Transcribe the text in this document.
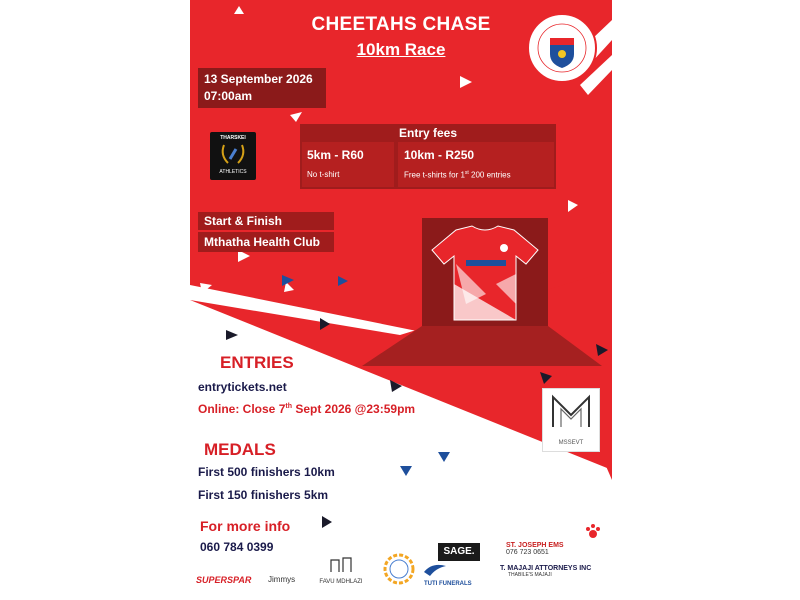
CHEETAHS CHASE
10km Race
13 September 2026
07:00am
THARSKEI
ATHLETICS
Entry fees
5km - R60
No t-shirt
10km - R250
Free t-shirts for 1st 200 entries
Start & Finish
Mthatha Health Club
ENTRIES
entrytickets.net
Online: Close 7th Sept 2026 @23:59pm
MEDALS
First 500 finishers 10km
First 150 finishers 5km
For more info
060 784 0399
MSSEVT
SAGE.
ST. JOSEPH EMS
076 723 0651
SUPERSPAR Jimmys	FAVU MDHLAZI	TUTI FUNERALS
T. MAJAJI ATTORNEYS INC
THABILE'S MAJAJI
